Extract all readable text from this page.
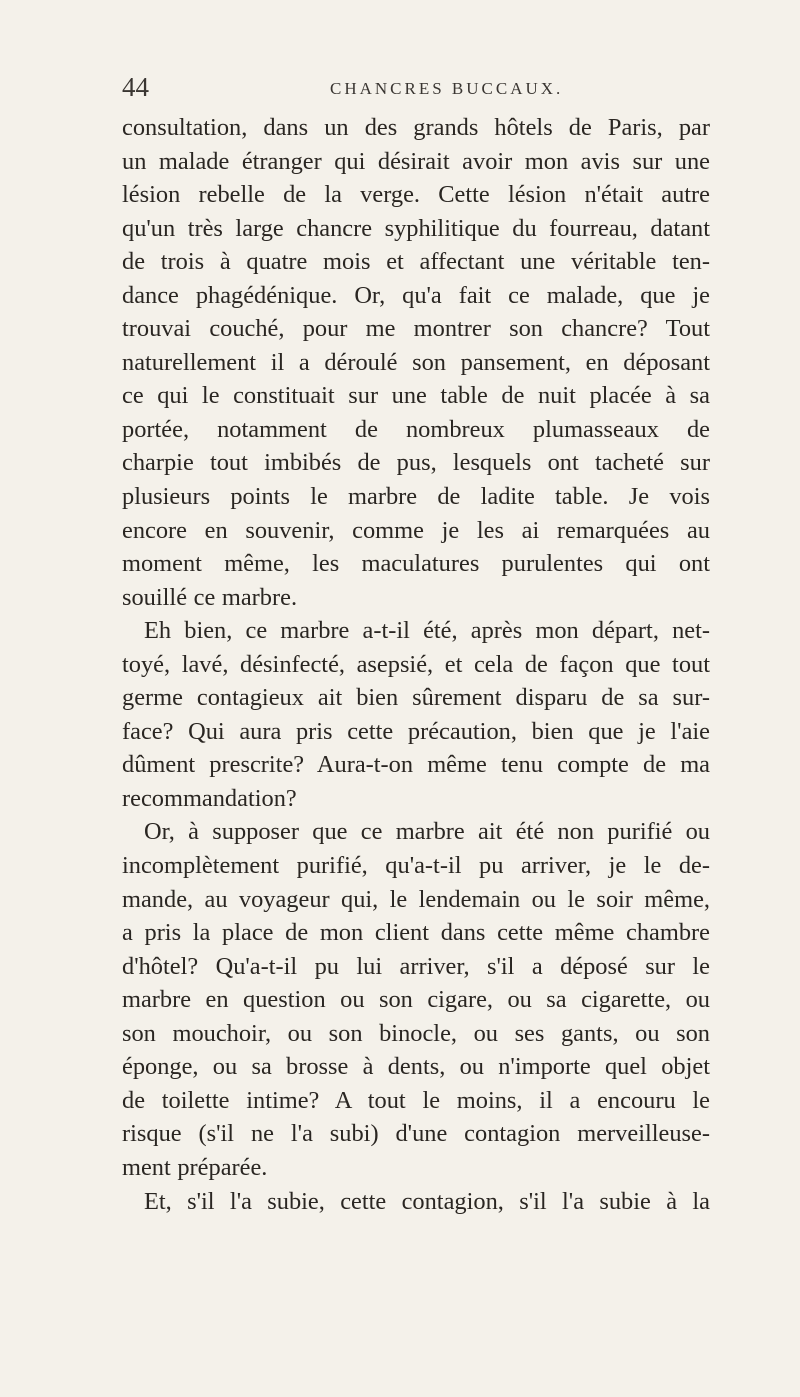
44	CHANCRES BUCCAUX.
consultation, dans un des grands hôtels de Paris, par
un malade étranger qui désirait avoir mon avis sur une
lésion rebelle de la verge. Cette lésion n'était autre
qu'un très large chancre syphilitique du fourreau, datant
de trois à quatre mois et affectant une véritable ten-
dance phagédénique. Or, qu'a fait ce malade, que je
trouvai couché, pour me montrer son chancre? Tout
naturellement il a déroulé son pansement, en déposant
ce qui le constituait sur une table de nuit placée à sa
portée, notamment de nombreux plumasseaux de
charpie tout imbibés de pus, lesquels ont tacheté sur
plusieurs points le marbre de ladite table. Je vois
encore en souvenir, comme je les ai remarquées au
moment même, les maculatures purulentes qui ont
souillé ce marbre.
Eh bien, ce marbre a-t-il été, après mon départ, net-
toyé, lavé, désinfecté, asepsié, et cela de façon que tout
germe contagieux ait bien sûrement disparu de sa sur-
face? Qui aura pris cette précaution, bien que je l'aie
dûment prescrite? Aura-t-on même tenu compte de ma
recommandation?
Or, à supposer que ce marbre ait été non purifié ou
incomplètement purifié, qu'a-t-il pu arriver, je le de-
mande, au voyageur qui, le lendemain ou le soir même,
a pris la place de mon client dans cette même chambre
d'hôtel? Qu'a-t-il pu lui arriver, s'il a déposé sur le
marbre en question ou son cigare, ou sa cigarette, ou
son mouchoir, ou son binocle, ou ses gants, ou son
éponge, ou sa brosse à dents, ou n'importe quel objet
de toilette intime? A tout le moins, il a encouru le
risque (s'il ne l'a subi) d'une contagion merveilleuse-
ment préparée.
Et, s'il l'a subie, cette contagion, s'il l'a subie à la
